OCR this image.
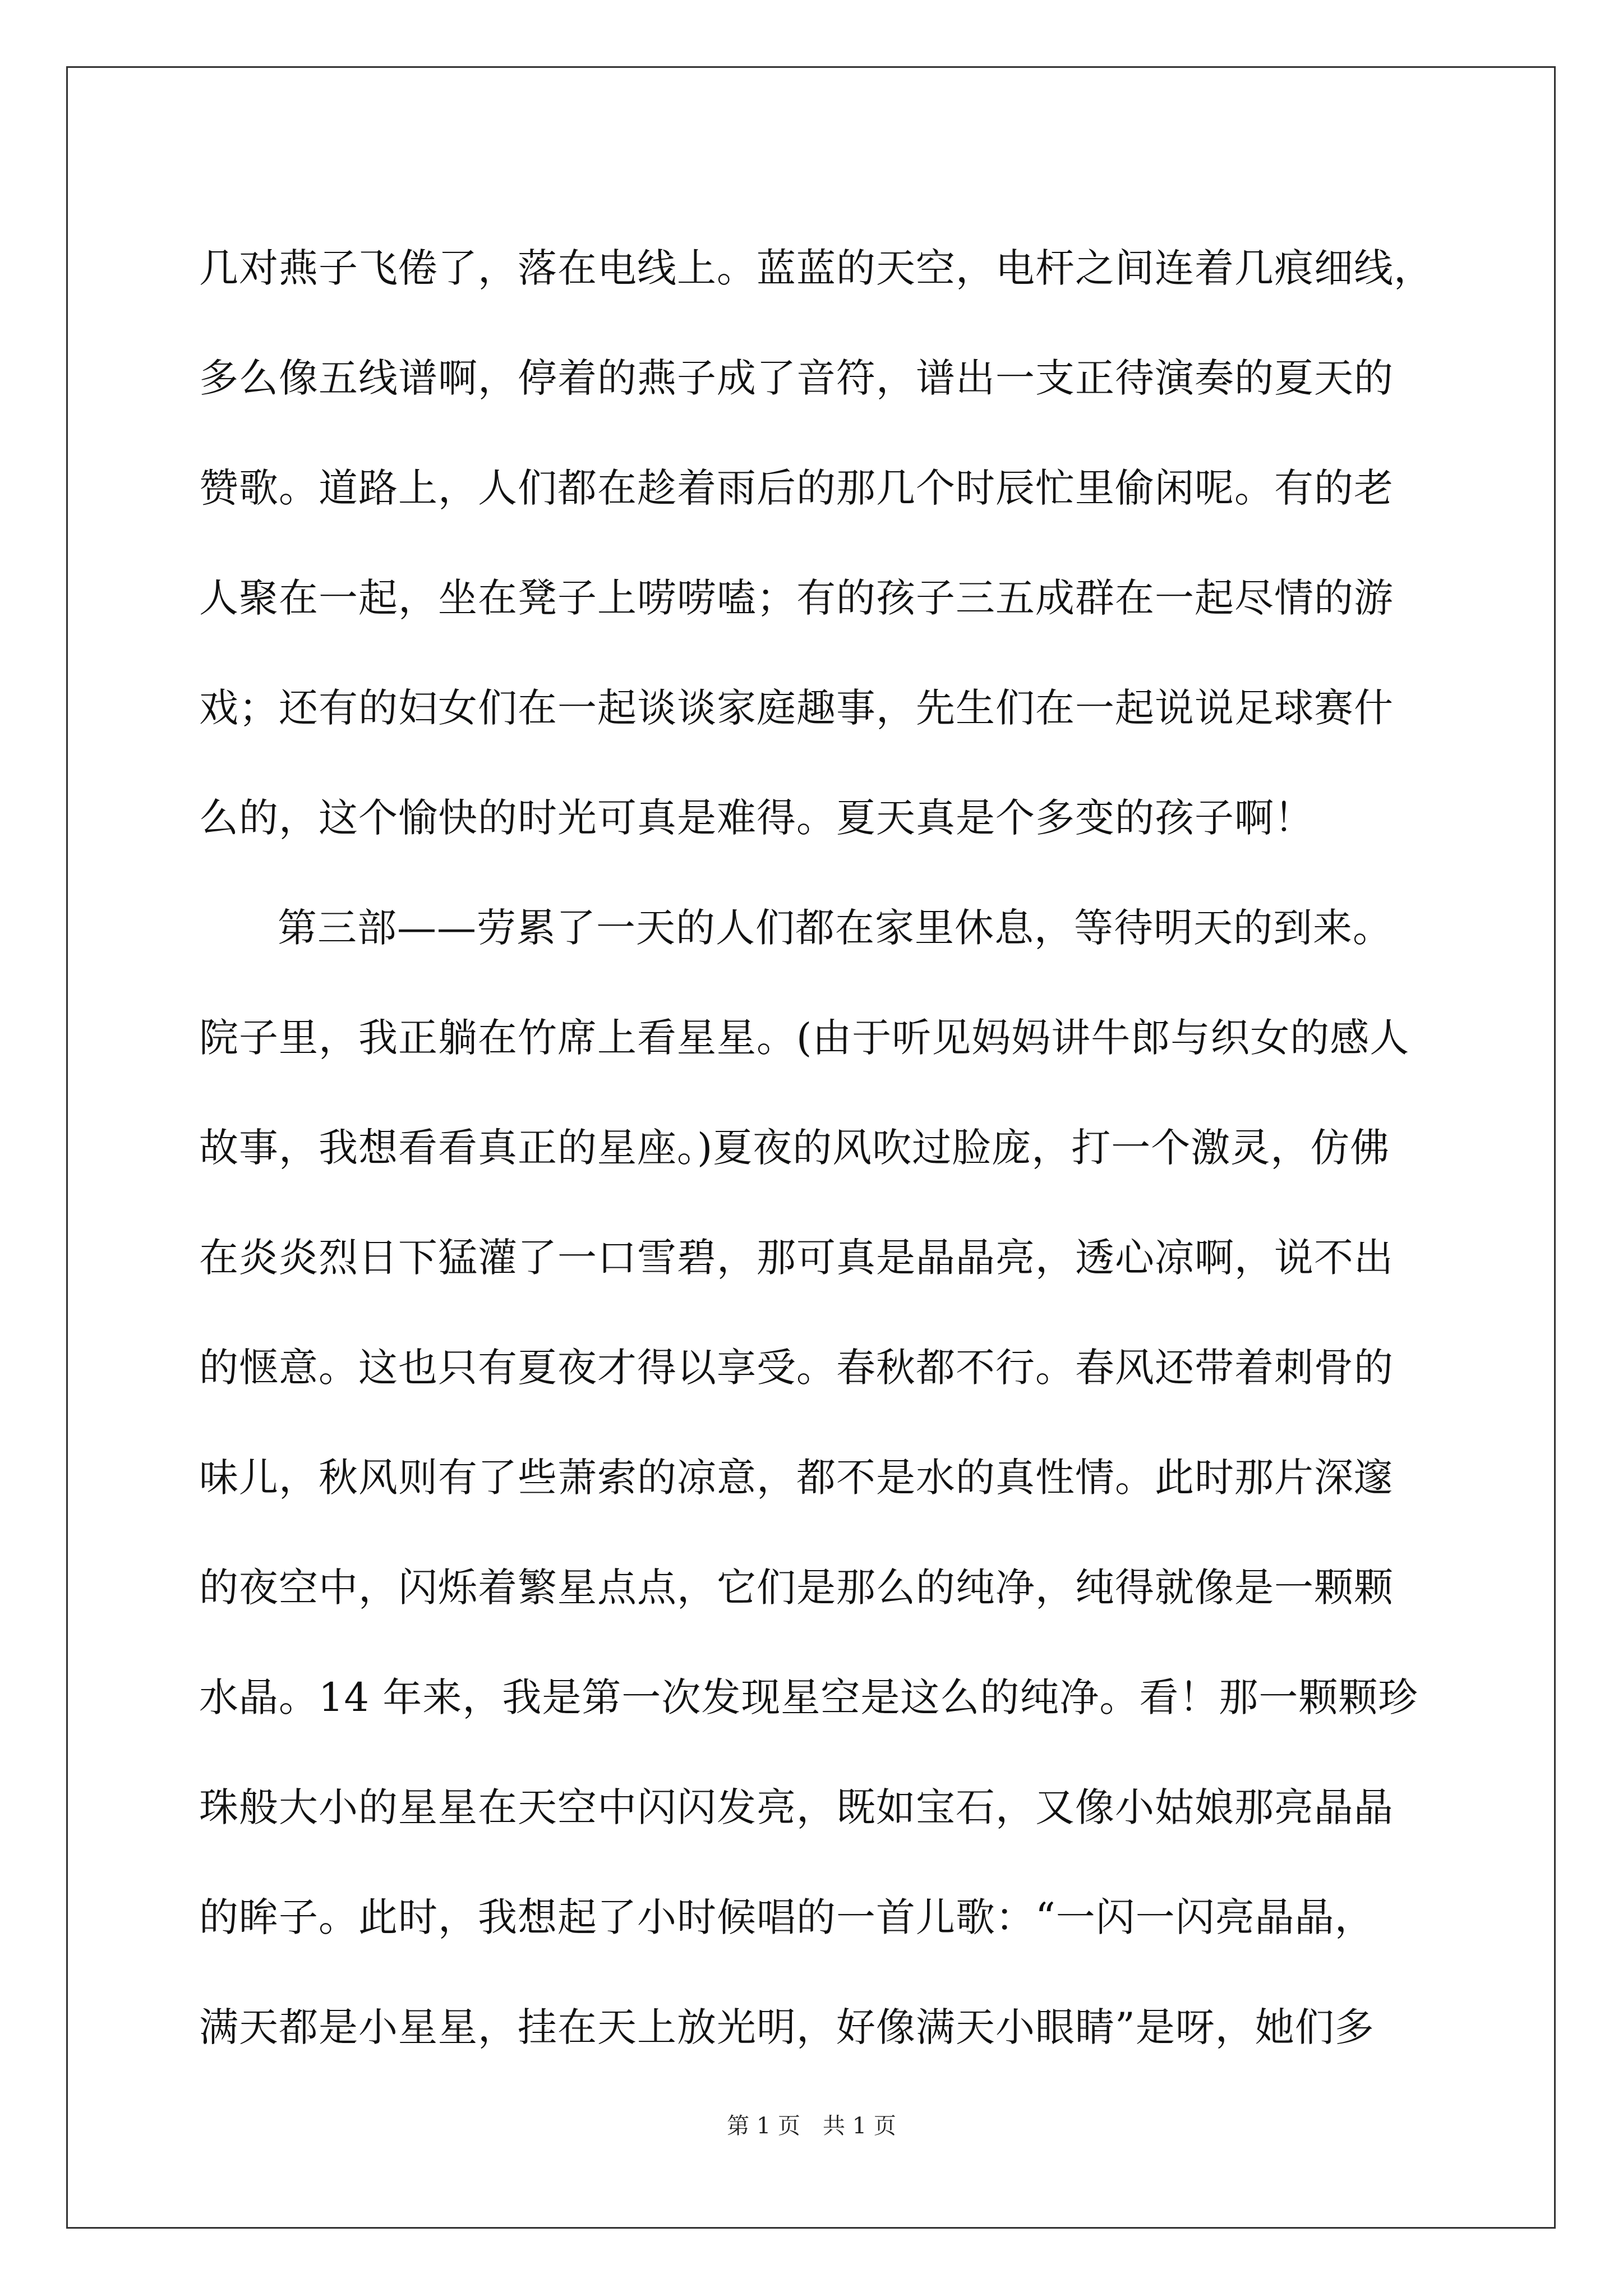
几对燕子飞倦了，落在电线上。蓝蓝的天空，电杆之间连着几痕细线，
多么像五线谱啊，停着的燕子成了音符，谱出一支正待演奏的夏天的
赞歌。道路上，人们都在趁着雨后的那几个时辰忙里偷闲呢。有的老
人聚在一起，坐在凳子上唠唠嗑；有的孩子三五成群在一起尽情的游
戏；还有的妇女们在一起谈谈家庭趣事，先生们在一起说说足球赛什
么的，这个愉快的时光可真是难得。夏天真是个多变的孩子啊！
第三部——劳累了一天的人们都在家里休息，等待明天的到来。
院子里，我正躺在竹席上看星星。(由于听见妈妈讲牛郎与织女的感人
故事，我想看看真正的星座。)夏夜的风吹过脸庞，打一个激灵，仿佛
在炎炎烈日下猛灌了一口雪碧，那可真是晶晶亮，透心凉啊，说不出
的惬意。这也只有夏夜才得以享受。春秋都不行。春风还带着刺骨的
味儿，秋风则有了些萧索的凉意，都不是水的真性情。此时那片深邃
的夜空中，闪烁着繁星点点，它们是那么的纯净，纯得就像是一颗颗
水晶。14 年来，我是第一次发现星空是这么的纯净。看！那一颗颗珍
珠般大小的星星在天空中闪闪发亮，既如宝石，又像小姑娘那亮晶晶
的眸子。此时，我想起了小时候唱的一首儿歌：“一闪一闪亮晶晶，
满天都是小星星，挂在天上放光明，好像满天小眼睛”是呀，她们多
第 1 页　共 1 页
